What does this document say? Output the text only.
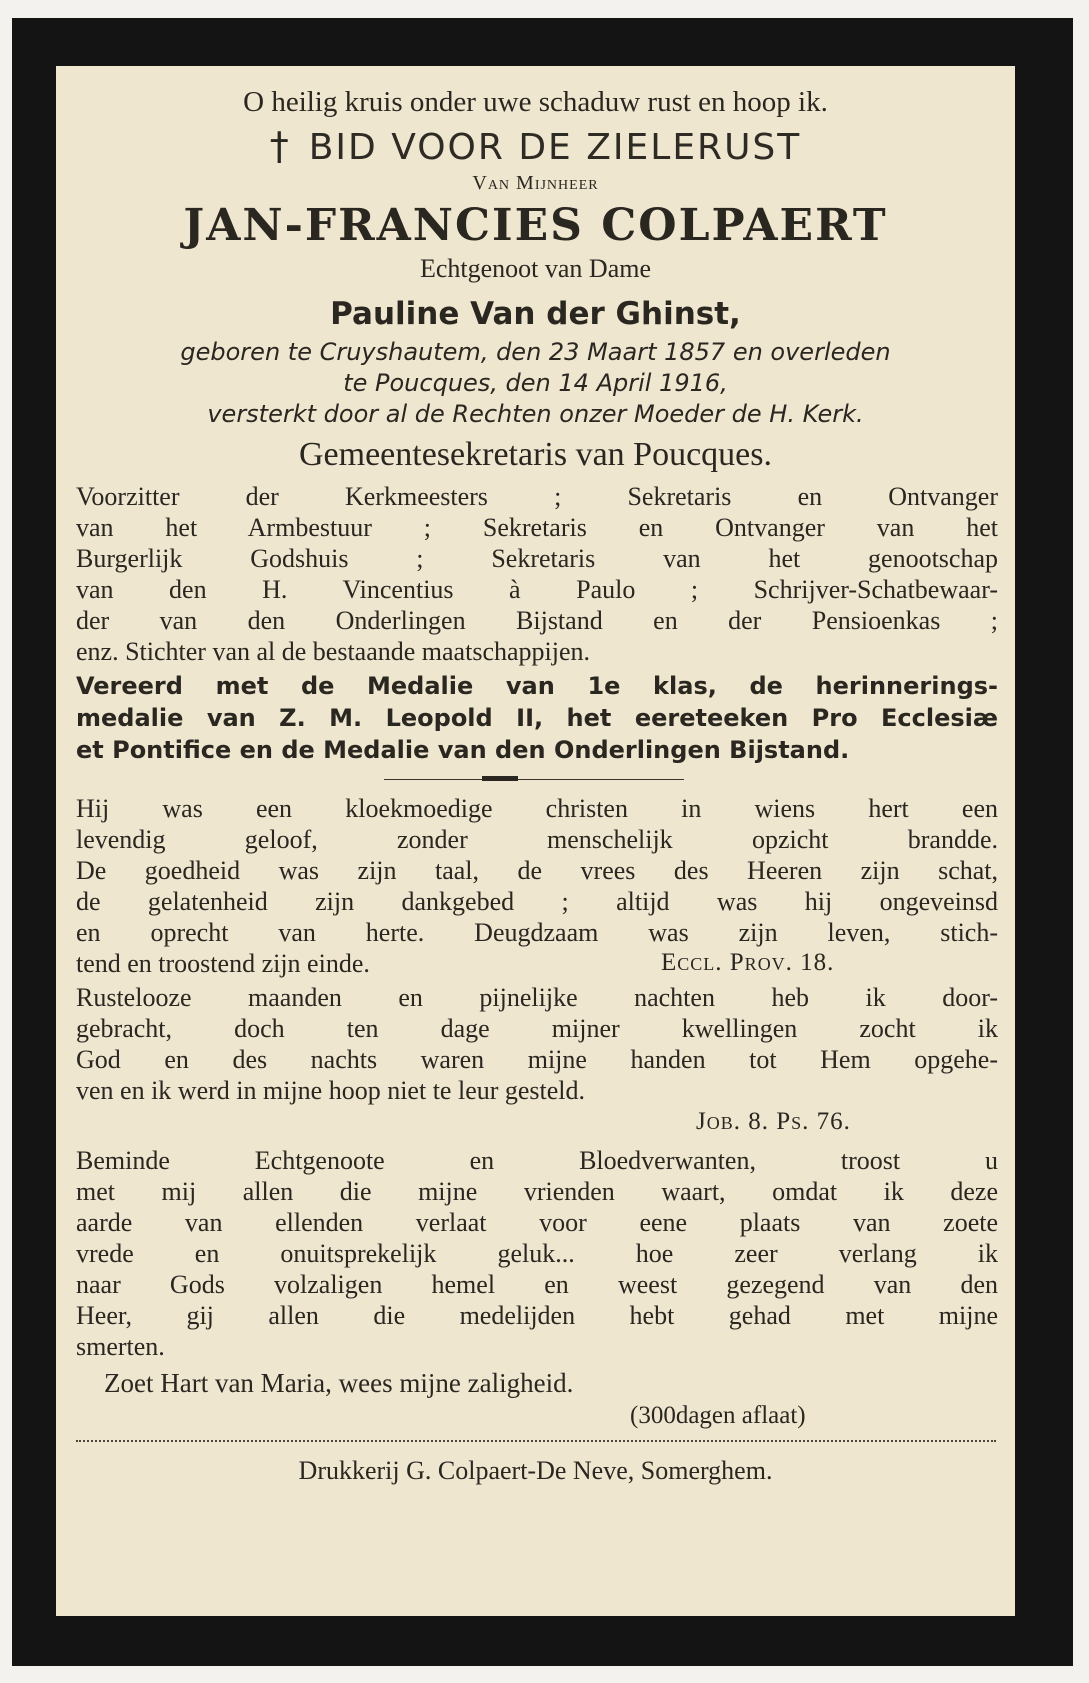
O heilig kruis onder uwe schaduw rust en hoop ik.
† BID VOOR DE ZIELERUST
Van Mijnheer
JAN-FRANCIES COLPAERT
Echtgenoot van Dame
Pauline Van der Ghinst,
geboren te Cruyshautem, den 23 Maart 1857 en overleden
te Poucques, den 14 April 1916,
versterkt door al de Rechten onzer Moeder de H. Kerk.
Gemeentesekretaris van Poucques.
Voorzitter der Kerkmeesters ; Sekretaris en Ontvanger
van het Armbestuur ; Sekretaris en Ontvanger van het
Burgerlijk Godshuis ; Sekretaris van het genootschap
van den H. Vincentius à Paulo ; Schrijver-Schatbewaar-
der van den Onderlingen Bijstand en der Pensioenkas ;
enz. Stichter van al de bestaande maatschappijen.
Vereerd met de Medalie van 1e klas, de herinnerings-
medalie van Z. M. Leopold II, het eereteeken Pro Ecclesiæ
et Pontifice en de Medalie van den Onderlingen Bijstand.
Hij was een kloekmoedige christen in wiens hert een
levendig geloof, zonder menschelijk opzicht brandde.
De goedheid was zijn taal, de vrees des Heeren zijn schat,
de gelatenheid zijn dankgebed ; altijd was hij ongeveinsd
en oprecht van herte. Deugdzaam was zijn leven, stich-
tend en troostend zijn einde.	Eccl. Prov. 18.
Rustelooze maanden en pijnelijke nachten heb ik door-
gebracht, doch ten dage mijner kwellingen zocht ik
God en des nachts waren mijne handen tot Hem opgehe-
ven en ik werd in mijne hoop niet te leur gesteld.
Job. 8. Ps. 76.
Beminde Echtgenoote en Bloedverwanten, troost u
met mij allen die mijne vrienden waart, omdat ik deze
aarde van ellenden verlaat voor eene plaats van zoete
vrede en onuitsprekelijk geluk... hoe zeer verlang ik
naar Gods volzaligen hemel en weest gezegend van den
Heer, gij allen die medelijden hebt gehad met mijne
smerten.
Zoet Hart van Maria, wees mijne zaligheid.
(300dagen aflaat)
Drukkerij G. Colpaert-De Neve, Somerghem.
